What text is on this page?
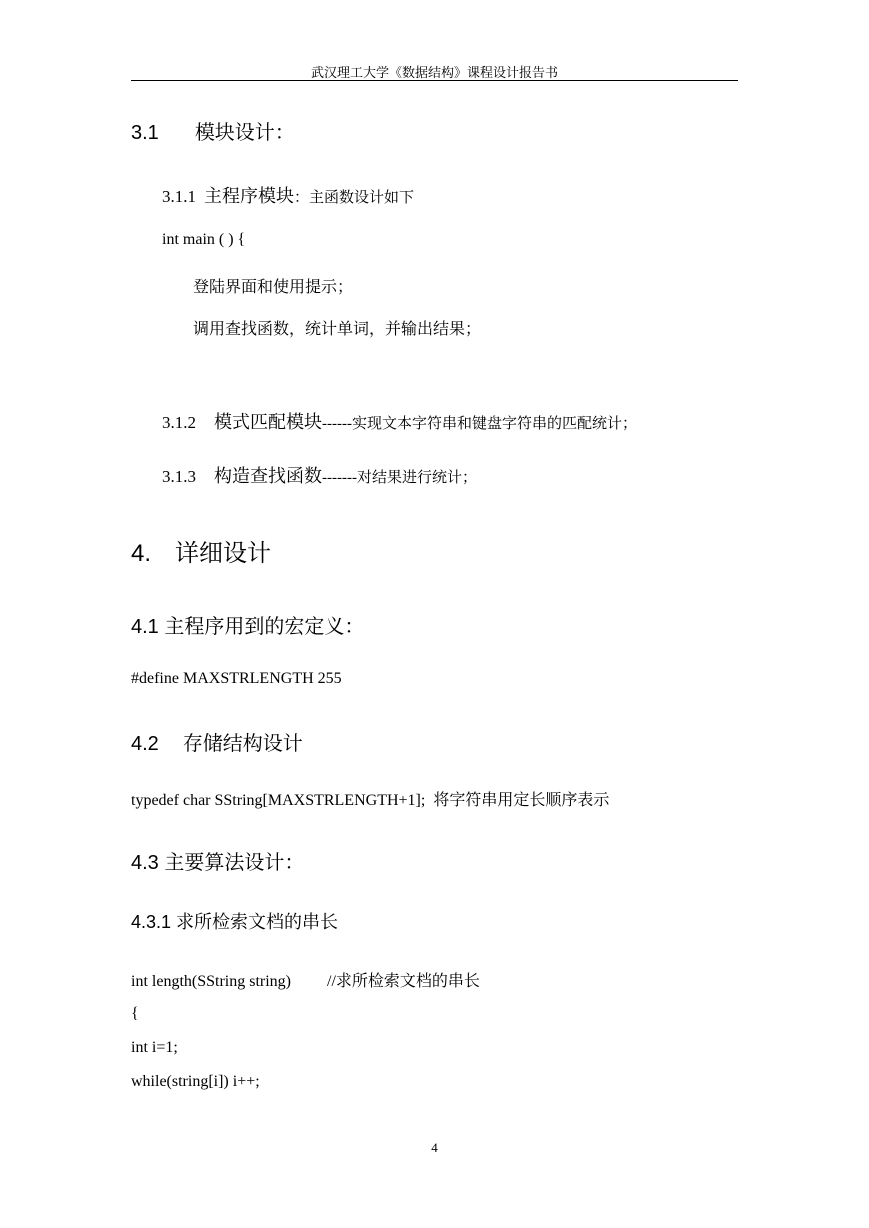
武汉理工大学《数据结构》课程设计报告书
3.1 模块设计：
3.1.1 主程序模块：主函数设计如下
int main ( ) {
登陆界面和使用提示；
调用查找函数，统计单词，并输出结果；
3.1.2 模式匹配模块------实现文本字符串和键盘字符串的匹配统计；
3.1.3 构造查找函数-------对结果进行统计；
4. 详细设计
4.1 主程序用到的宏定义：
#define MAXSTRLENGTH 255
4.2 存储结构设计
typedef char SString[MAXSTRLENGTH+1]; 将字符串用定长顺序表示
4.3 主要算法设计：
4.3.1 求所检索文档的串长
int length(SString string) //求所检索文档的串长
{
int i=1;
while(string[i]) i++;
4
